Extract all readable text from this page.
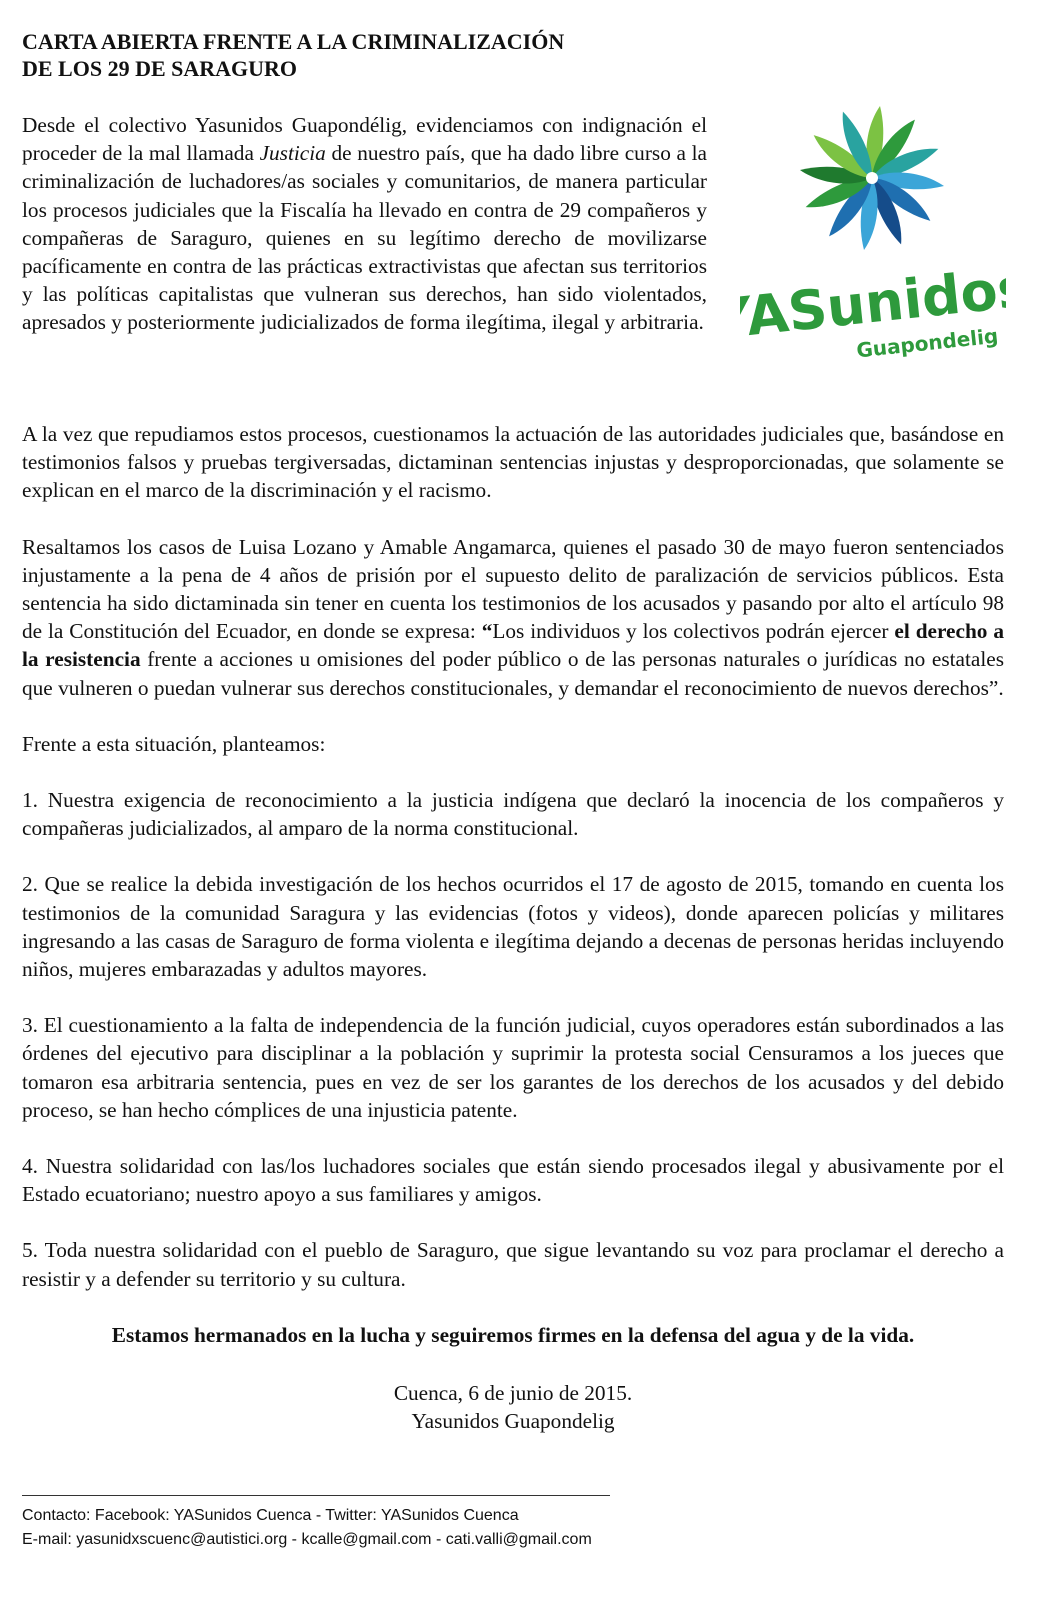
CARTA ABIERTA FRENTE A LA CRIMINALIZACIÓN
DE LOS 29 DE SARAGURO

Desde el colectivo Yasunidos Guapondélig, evidenciamos con indignación el proceder de la mal llamada Justicia de nuestro país, que ha dado libre curso a la criminalización de luchadores/as sociales y comunitarios, de manera particular los procesos judiciales que la Fiscalía ha llevado en contra de 29 compañeros y compañeras de Saraguro, quienes en su legítimo derecho de movilizarse pacíficamente en contra de las prácticas extractivistas que afectan sus territorios y las políticas capitalistas que vulneran sus derechos, han sido violentados, apresados y posteriormente judicializados de forma ilegítima, ilegal y arbitraria. YASunidos
Guapondelig

A la vez que repudiamos estos procesos, cuestionamos la actuación de las autoridades judiciales que, basándose en testimonios falsos y pruebas tergiversadas, dictaminan sentencias injustas y desproporcionadas, que solamente se explican en el marco de la discriminación y el racismo.

Resaltamos los casos de Luisa Lozano y Amable Angamarca, quienes el pasado 30 de mayo fueron sentenciados injustamente a la pena de 4 años de prisión por el supuesto delito de paralización de servicios públicos. Esta sentencia ha sido dictaminada sin tener en cuenta los testimonios de los acusados y pasando por alto el artículo 98 de la Constitución del Ecuador, en donde se expresa: “Los individuos y los colectivos podrán ejercer el derecho a la resistencia frente a acciones u omisiones del poder público o de las personas naturales o jurídicas no estatales que vulneren o puedan vulnerar sus derechos constitucionales, y demandar el reconocimiento de nuevos derechos”.

Frente a esta situación, planteamos:

1. Nuestra exigencia de reconocimiento a la justicia indígena que declaró la inocencia de los compañeros y compañeras judicializados, al amparo de la norma constitucional.

2. Que se realice la debida investigación de los hechos ocurridos el 17 de agosto de 2015, tomando en cuenta los testimonios de la comunidad Saragura y las evidencias (fotos y videos), donde aparecen policías y militares ingresando a las casas de Saraguro de forma violenta e ilegítima dejando a decenas de personas heridas incluyendo niños, mujeres embarazadas y adultos mayores.

3. El cuestionamiento a la falta de independencia de la función judicial, cuyos operadores están subordinados a las órdenes del ejecutivo para disciplinar a la población y suprimir la protesta social Censuramos a los jueces que tomaron esa arbitraria sentencia, pues en vez de ser los garantes de los derechos de los acusados y del debido proceso, se han hecho cómplices de una injusticia patente.

4. Nuestra solidaridad con las/los luchadores sociales que están siendo procesados ilegal y abusivamente por el Estado ecuatoriano; nuestro apoyo a sus familiares y amigos.

5. Toda nuestra solidaridad con el pueblo de Saraguro, que sigue levantando su voz para proclamar el derecho a resistir y a defender su territorio y su cultura.

Estamos hermanados en la lucha y seguiremos firmes en la defensa del agua y de la vida.

Cuenca, 6 de junio de 2015.

Yasunidos Guapondelig

Contacto: Facebook: YASunidos Cuenca - Twitter: YASunidos Cuenca
E-mail: yasunidxscuenc@autistici.org - kcalle@gmail.com - cati.valli@gmail.com
